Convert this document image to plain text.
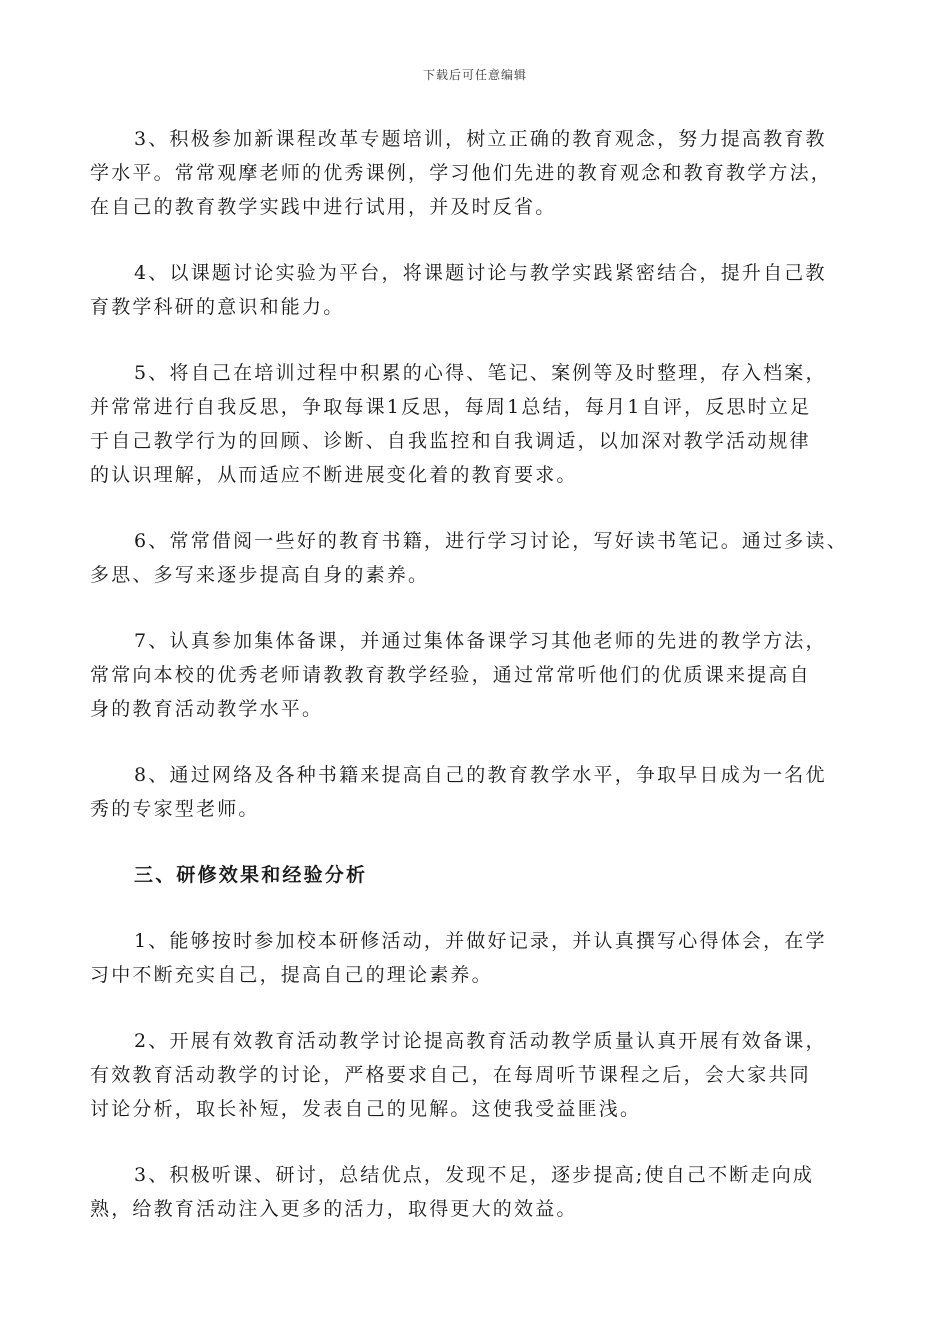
下载后可任意编辑
3、积极参加新课程改革专题培训，树立正确的教育观念，努力提高教育教
学水平。常常观摩老师的优秀课例，学习他们先进的教育观念和教育教学方法，
在自己的教育教学实践中进行试用，并及时反省。
4、以课题讨论实验为平台，将课题讨论与教学实践紧密结合，提升自己教
育教学科研的意识和能力。
5、将自己在培训过程中积累的心得、笔记、案例等及时整理，存入档案，
并常常进行自我反思，争取每课1反思，每周1总结，每月1自评，反思时立足
于自己教学行为的回顾、诊断、自我监控和自我调适，以加深对教学活动规律
的认识理解，从而适应不断进展变化着的教育要求。
6、常常借阅一些好的教育书籍，进行学习讨论，写好读书笔记。通过多读、
多思、多写来逐步提高自身的素养。
7、认真参加集体备课，并通过集体备课学习其他老师的先进的教学方法，
常常向本校的优秀老师请教教育教学经验，通过常常听他们的优质课来提高自
身的教育活动教学水平。
8、通过网络及各种书籍来提高自己的教育教学水平，争取早日成为一名优
秀的专家型老师。
三、研修效果和经验分析
1、能够按时参加校本研修活动，并做好记录，并认真撰写心得体会，在学
习中不断充实自己，提高自己的理论素养。
2、开展有效教育活动教学讨论提高教育活动教学质量认真开展有效备课，
有效教育活动教学的讨论，严格要求自己，在每周听节课程之后，会大家共同
讨论分析，取长补短，发表自己的见解。这使我受益匪浅。
3、积极听课、研讨，总结优点，发现不足，逐步提高;使自己不断走向成
熟，给教育活动注入更多的活力，取得更大的效益。
